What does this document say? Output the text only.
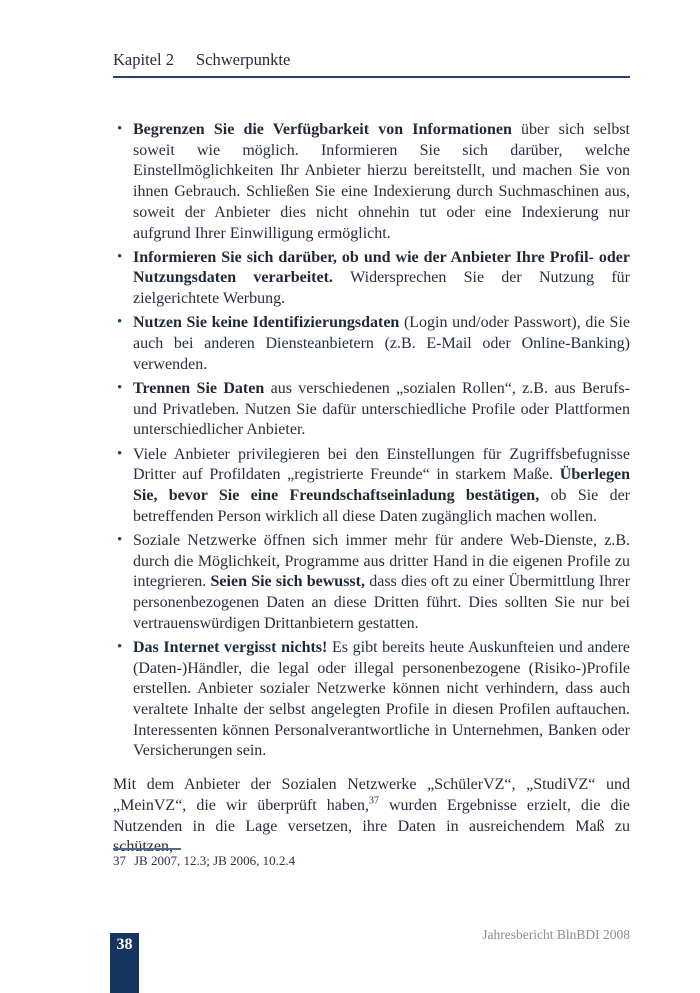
Kapitel 2 Schwerpunkte
• Begrenzen Sie die Verfügbarkeit von Informationen über sich selbst soweit wie möglich. Informieren Sie sich darüber, welche Einstellmöglichkeiten Ihr Anbieter hierzu bereitstellt, und machen Sie von ihnen Gebrauch. Schließen Sie eine Indexierung durch Suchmaschinen aus, soweit der Anbieter dies nicht ohnehin tut oder eine Indexierung nur aufgrund Ihrer Einwilligung ermöglicht.
• Informieren Sie sich darüber, ob und wie der Anbieter Ihre Profil- oder Nutzungsdaten verarbeitet. Widersprechen Sie der Nutzung für zielgerichtete Werbung.
• Nutzen Sie keine Identifizierungsdaten (Login und/oder Passwort), die Sie auch bei anderen Diensteanbietern (z.B. E-Mail oder Online-Banking) verwenden.
• Trennen Sie Daten aus verschiedenen „sozialen Rollen“, z.B. aus Berufs- und Privatleben. Nutzen Sie dafür unterschiedliche Profile oder Plattformen unterschiedlicher Anbieter.
• Viele Anbieter privilegieren bei den Einstellungen für Zugriffsbefugnisse Dritter auf Profildaten „registrierte Freunde“ in starkem Maße. Überlegen Sie, bevor Sie eine Freundschaftseinladung bestätigen, ob Sie der betreffenden Person wirklich all diese Daten zugänglich machen wollen.
• Soziale Netzwerke öffnen sich immer mehr für andere Web-Dienste, z.B. durch die Möglichkeit, Programme aus dritter Hand in die eigenen Profile zu integrieren. Seien Sie sich bewusst, dass dies oft zu einer Übermittlung Ihrer personenbezogenen Daten an diese Dritten führt. Dies sollten Sie nur bei vertrauenswürdigen Drittanbietern gestatten.
• Das Internet vergisst nichts! Es gibt bereits heute Auskunfteien und andere (Daten-)Händler, die legal oder illegal personenbezogene (Risiko-)Profile erstellen. Anbieter sozialer Netzwerke können nicht verhindern, dass auch veraltete Inhalte der selbst angelegten Profile in diesen Profilen auftauchen. Interessenten können Personalverantwortliche in Unternehmen, Banken oder Versicherungen sein.

Mit dem Anbieter der Sozialen Netzwerke „SchülerVZ“, „StudiVZ“ und „MeinVZ“, die wir überprüft haben,$^{37}$ wurden Ergebnisse erzielt, die die Nutzenden in die Lage versetzen, ihre Daten in ausreichendem Maß zu schützen,

37 JB 2007, 12.3; JB 2006, 10.2.4
Jahresbericht BlnBDI 2008
38
